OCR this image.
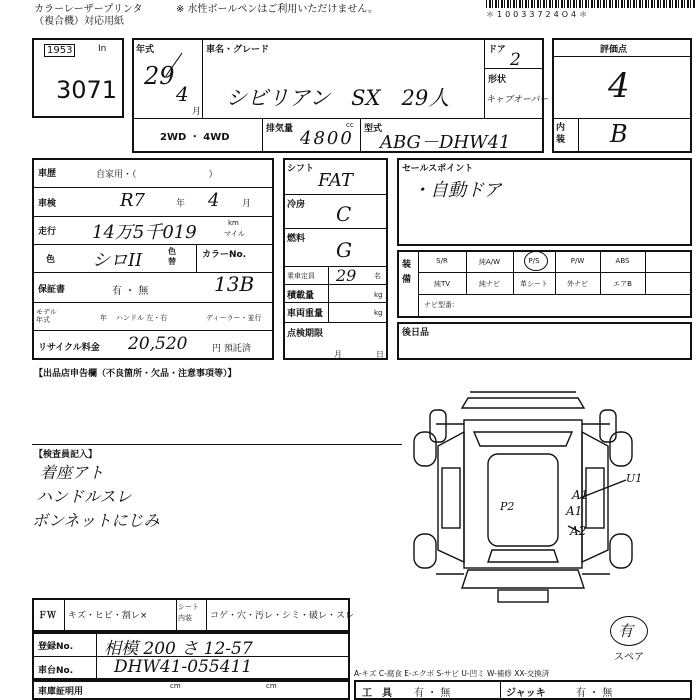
カラーレーザープリンタ
（複合機）対応用紙
※ 水性ボールペンはご利用いただけません。	＊10033724O4＊
1953	In
3071
年式
29
4
月
車名・グレード
シビリアン　SX　29人
ドア 2
形状
キャブオーバー
2WD ・ 4WD
排気量	cc
4800 型式
ABG－DHW41
評価点
4
内装 B
車歴	自家用・（　　　　　　　　）
車検	R7	年 4	月
走行 14万5千019	km
マイル
色 シロII	色替
カラーNo.
13B
保証書	有 ・ 無
モデル年式	年 ハンドル 左・右	ディーラー・並行
リサイクル料金 20,520	円 預託済
シフト
FAT
冷房 C
燃料 G
乗車定員 29	名
積載量	kg
車両重量	kg
点検期限
月	日
セールスポイント
・自動ドア
装備
S/R	純A/W	P/S	P/W	ABS
純TV	純ナビ	革シート	外ナビ	エアB
ナビ型番：
後日品
【出品店申告欄（不良箇所・欠品・注意事項等）】
【検査員記入】
着座アト
ハンドルスレ
ボンネットにじみ
A1
A1
A2
P2
U1
有
スペア
ＦＷ キズ・ヒビ・割レ×
シート内装	コゲ・穴・汚レ・シミ・破レ・スレ
登録No. 相模 200 さ 12-57
車台No. DHW41-055411
車庫証明用
cm	cm
A-キズ C-腐食 E-エクボ S-サビ U-凹ミ W-補修 XX-交換済
工　具 有 ・ 無	ジャッキ	有 ・ 無
